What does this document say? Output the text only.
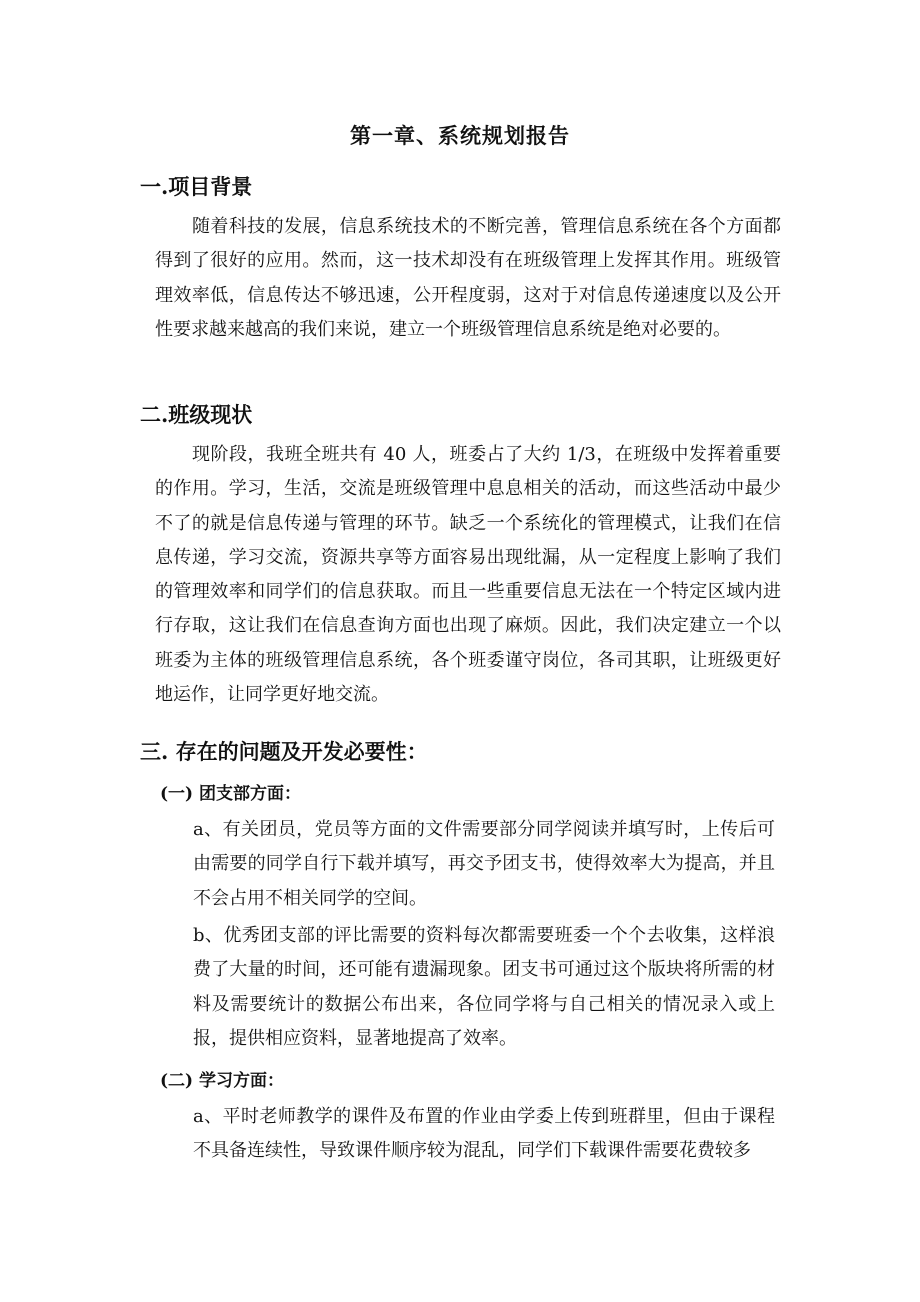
第一章、系统规划报告
一.项目背景

随着科技的发展，信息系统技术的不断完善，管理信息系统在各个方面都得到了很好的应用。然而，这一技术却没有在班级管理上发挥其作用。班级管理效率低，信息传达不够迅速，公开程度弱，这对于对信息传递速度以及公开性要求越来越高的我们来说，建立一个班级管理信息系统是绝对必要的。

二.班级现状

现阶段，我班全班共有 40 人，班委占了大约 1/3，在班级中发挥着重要的作用。学习，生活，交流是班级管理中息息相关的活动，而这些活动中最少不了的就是信息传递与管理的环节。缺乏一个系统化的管理模式，让我们在信息传递，学习交流，资源共享等方面容易出现纰漏，从一定程度上影响了我们的管理效率和同学们的信息获取。而且一些重要信息无法在一个特定区域内进行存取，这让我们在信息查询方面也出现了麻烦。因此，我们决定建立一个以班委为主体的班级管理信息系统，各个班委谨守岗位，各司其职，让班级更好地运作，让同学更好地交流。

三. 存在的问题及开发必要性：
(一) 团支部方面：

a、有关团员，党员等方面的文件需要部分同学阅读并填写时，上传后可由需要的同学自行下载并填写，再交予团支书，使得效率大为提高，并且不会占用不相关同学的空间。

b、优秀团支部的评比需要的资料每次都需要班委一个个去收集，这样浪费了大量的时间，还可能有遗漏现象。团支书可通过这个版块将所需的材料及需要统计的数据公布出来，各位同学将与自己相关的情况录入或上报，提供相应资料，显著地提高了效率。

(二) 学习方面：

a、平时老师教学的课件及布置的作业由学委上传到班群里，但由于课程不具备连续性，导致课件顺序较为混乱，同学们下载课件需要花费较多
